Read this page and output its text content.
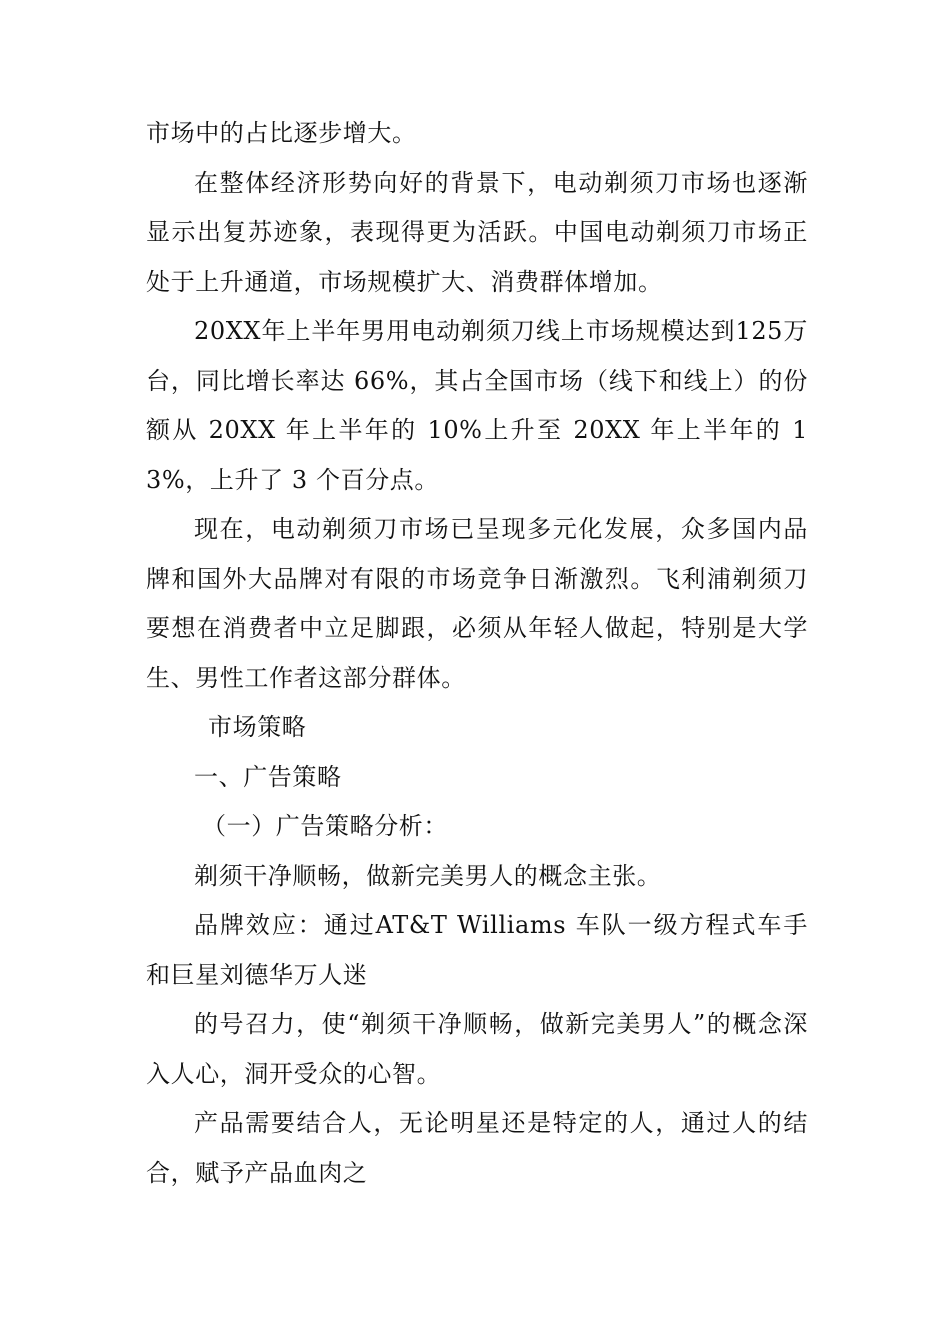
市场中的占比逐步增大。

在整体经济形势向好的背景下，电动剃须刀市场也逐渐显示出复苏迹象，表现得更为活跃。中国电动剃须刀市场正处于上升通道，市场规模扩大、消费群体增加。

20XX年上半年男用电动剃须刀线上市场规模达到125万台，同比增长率达 66%，其占全国市场（线下和线上）的份额从 20XX 年上半年的 10%上升至 20XX 年上半年的 13%，上升了 3 个百分点。

现在，电动剃须刀市场已呈现多元化发展，众多国内品牌和国外大品牌对有限的市场竞争日渐激烈。飞利浦剃须刀要想在消费者中立足脚跟，必须从年轻人做起，特别是大学生、男性工作者这部分群体。

市场策略

一、广告策略

（一）广告策略分析：

剃须干净顺畅，做新完美男人的概念主张。

品牌效应：通过AT&T Williams 车队一级方程式车手和巨星刘德华万人迷

的号召力，使“剃须干净顺畅，做新完美男人”的概念深入人心，洞开受众的心智。

产品需要结合人，无论明星还是特定的人，通过人的结合，赋予产品血肉之
